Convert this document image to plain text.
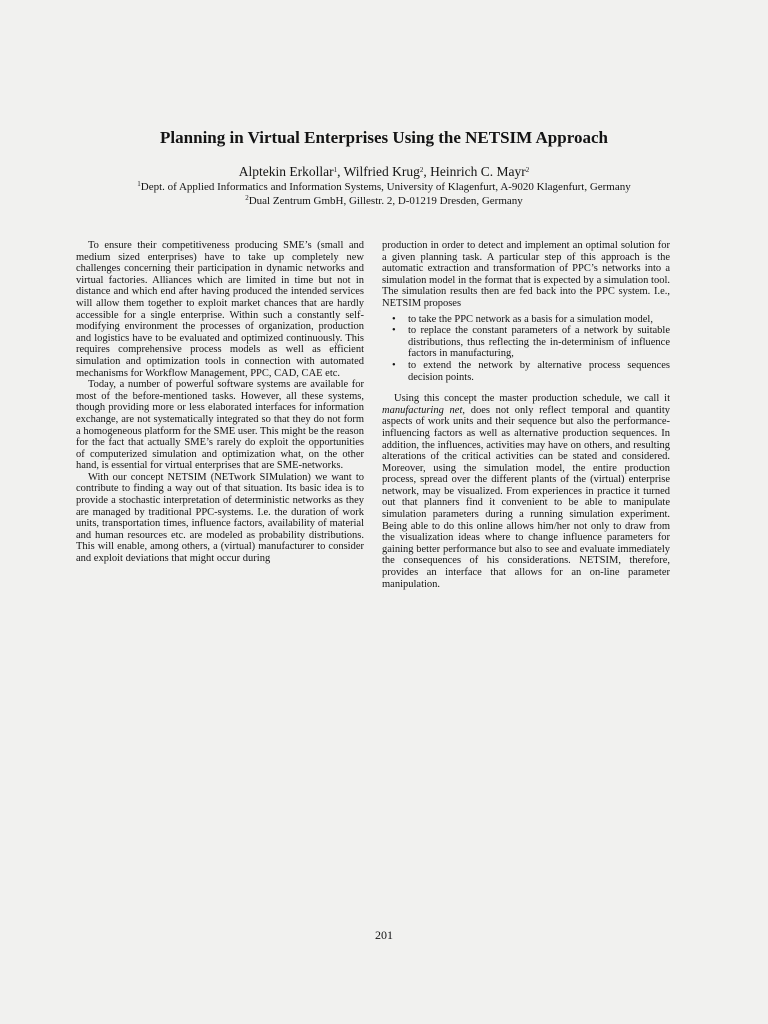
Planning in Virtual Enterprises Using the NETSIM Approach

Alptekin Erkollar$^1$, Wilfried Krug$^2$, Heinrich C. Mayr$^2$

$^1$Dept. of Applied Informatics and Information Systems, University of Klagenfurt, A-9020 Klagenfurt, Germany

$^2$Dual Zentrum GmbH, Gillestr. 2, D-01219 Dresden, Germany

To ensure their competitiveness producing SME’s (small and medium sized enterprises) have to take up completely new challenges concerning their participation in dynamic networks and virtual factories. Alliances which are limited in time but not in distance and which end after having produced the intended services will allow them together to exploit market chances that are hardly accessible for a single enterprise. Within such a constantly self-modifying environment the processes of organization, production and logistics have to be evaluated and optimized continuously. This requires comprehensive process models as well as efficient simulation and optimization tools in connection with automated mechanisms for Workflow Management, PPC, CAD, CAE etc.

Today, a number of powerful software systems are available for most of the before-mentioned tasks. However, all these systems, though providing more or less elaborated interfaces for information exchange, are not systematically integrated so that they do not form a homogeneous platform for the SME user. This might be the reason for the fact that actually SME’s rarely do exploit the opportunities of computerized simulation and optimization what, on the other hand, is essential for virtual enterprises that are SME-networks.

With our concept NETSIM (NETwork SIMulation) we want to contribute to finding a way out of that situation. Its basic idea is to provide a stochastic interpretation of deterministic networks as they are managed by traditional PPC-systems. I.e. the duration of work units, transportation times, influence factors, availability of material and human resources etc. are modeled as probability distributions. This will enable, among others, a (virtual) manufacturer to consider and exploit deviations that might occur during

production in order to detect and implement an optimal solution for a given planning task. A particular step of this approach is the automatic extraction and transformation of PPC’s networks into a simulation model in the format that is expected by a simulation tool. The simulation results then are fed back into the PPC system. I.e., NETSIM proposes

• to take the PPC network as a basis for a simulation model,
• to replace the constant parameters of a network by suitable distributions, thus reflecting the in-determinism of influence factors in manufacturing,
• to extend the network by alternative process sequences decision points.

Using this concept the master production schedule, we call it manufacturing net, does not only reflect temporal and quantity aspects of work units and their sequence but also the performance-influencing factors as well as alternative production sequences. In addition, the influences, activities may have on others, and resulting alterations of the critical activities can be stated and considered. Moreover, using the simulation model, the entire production process, spread over the different plants of the (virtual) enterprise network, may be visualized. From experiences in practice it turned out that planners find it convenient to be able to manipulate simulation parameters during a running simulation experiment. Being able to do this online allows him/her not only to draw from the visualization ideas where to change influence parameters for gaining better performance but also to see and evaluate immediately the consequences of his considerations. NETSIM, therefore, provides an interface that allows for an on-line parameter manipulation.

201
